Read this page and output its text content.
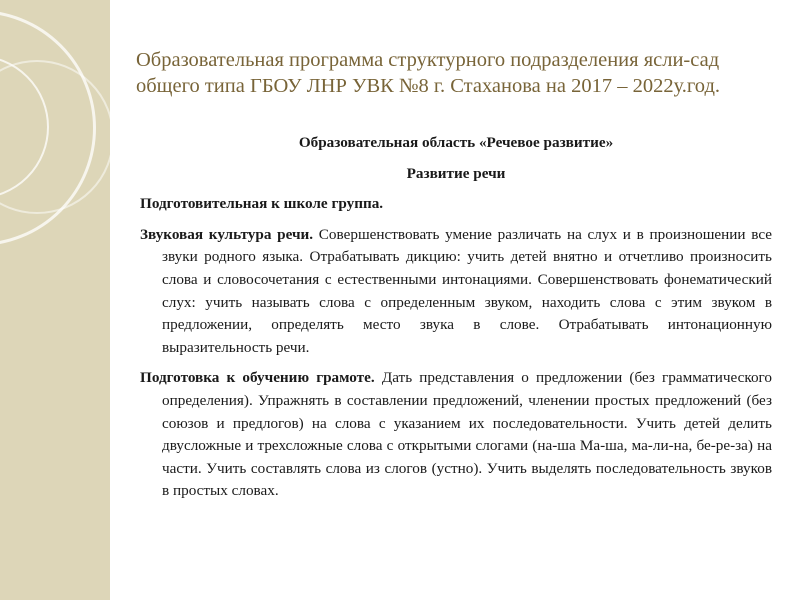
Образовательная программа структурного подразделения ясли-сад
общего типа ГБОУ ЛНР УВК №8 г. Стаханова на 2017 – 2022у.год.

Образовательная область «Речевое развитие»

Развитие речи

Подготовительная к школе группа.

Звуковая культура речи. Совершенствовать умение различать на слух и в произношении все звуки родного языка. Отрабатывать дикцию: учить детей внятно и отчетливо произносить слова и словосочетания с естественными интонациями. Совершенствовать фонематический слух: учить называть слова с определенным звуком, находить слова с этим звуком в предложении, определять место звука в слове. Отрабатывать интонационную выразительность речи.

Подготовка к обучению грамоте. Дать представления о предложении (без грамматического определения). Упражнять в составлении предложений, членении простых предложений (без союзов и предлогов) на слова с указанием их последовательности. Учить детей делить двусложные и трехсложные слова с открытыми слогами (на-ша Ма-ша, ма-ли-на, бе-ре-за) на части. Учить составлять слова из слогов (устно). Учить выделять последовательность звуков в простых словах.
